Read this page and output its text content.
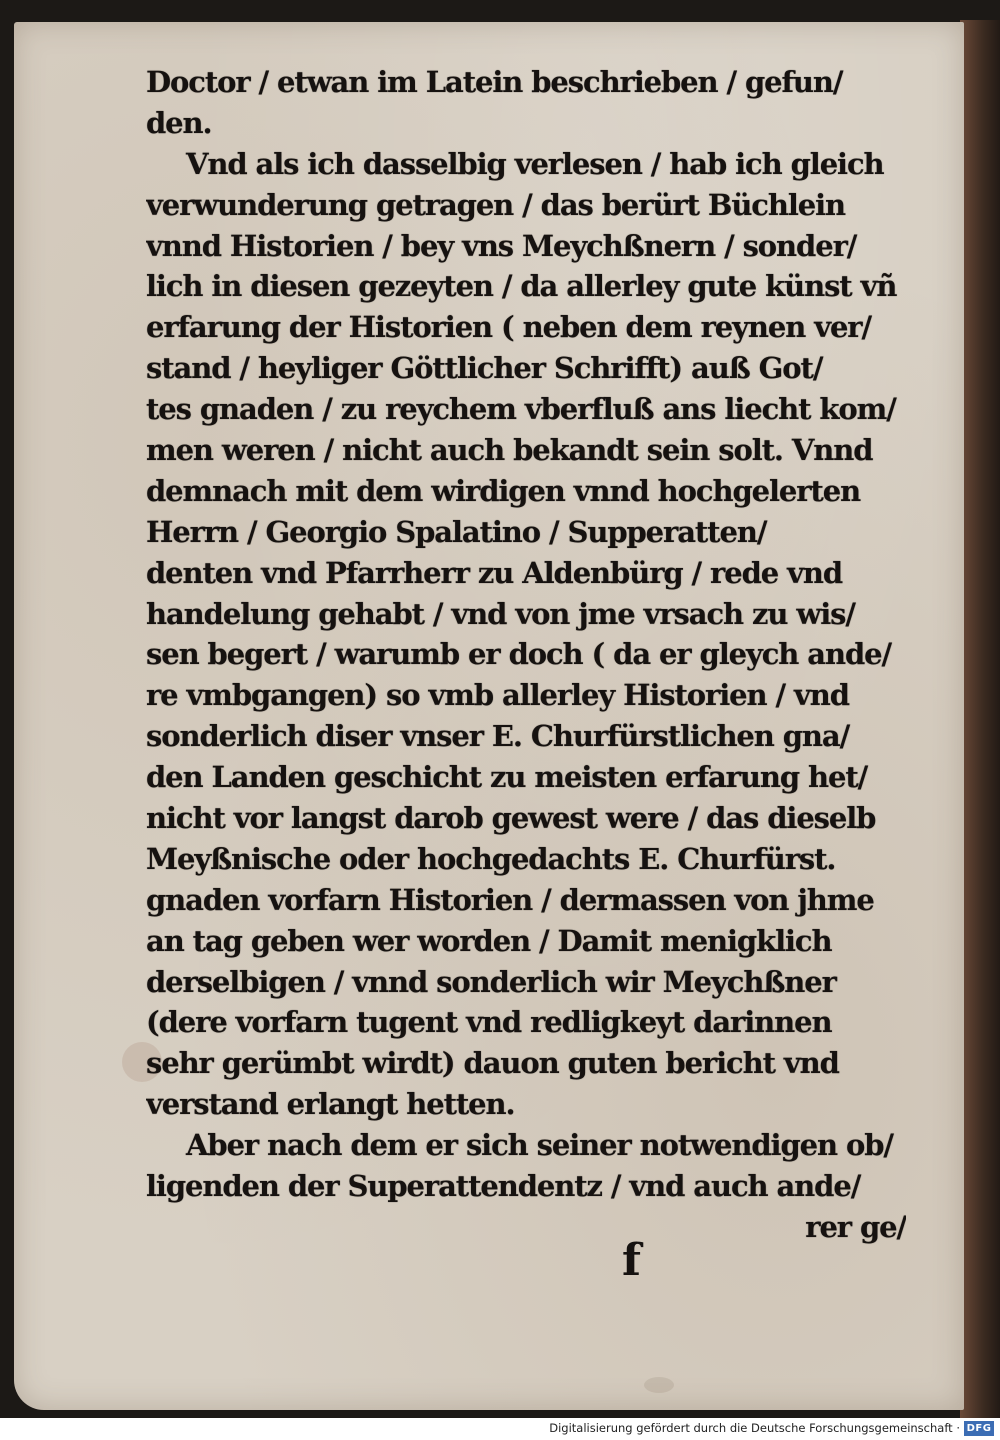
Doctor / etwan im Latein beschrieben / gefun/
den.
Vnd als ich dasselbig verlesen / hab ich gleich
verwunderung getragen / das berürt Büchlein
vnnd Historien / bey vns Meychßnern / sonder/
lich in diesen gezeyten / da allerley gute künst vñ
erfarung der Historien ( neben dem reynen ver/
stand / heyliger Göttlicher Schrifft) auß Got/
tes gnaden / zu reychem vberfluß ans liecht kom/
men weren / nicht auch bekandt sein solt. Vnnd
demnach mit dem wirdigen vnnd hochgelerten
Herrn / Georgio Spalatino / Supperatten/
denten vnd Pfarrherr zu Aldenbürg / rede vnd
handelung gehabt / vnd von jme vrsach zu wis/
sen begert / warumb er doch ( da er gleych ande/
re vmbgangen) so vmb allerley Historien / vnd
sonderlich diser vnser E. Churfürstlichen gna/
den Landen geschicht zu meisten erfarung het/
nicht vor langst darob gewest were / das dieselb
Meyßnische oder hochgedachts E. Churfürst.
gnaden vorfarn Historien / dermassen von jhme
an tag geben wer worden / Damit menigklich
derselbigen / vnnd sonderlich wir Meychßner
(dere vorfarn tugent vnd redligkeyt darinnen
sehr gerümbt wirdt) dauon guten bericht vnd
verstand erlangt hetten.
Aber nach dem er sich seiner notwendigen ob/
ligenden der Superattendentz / vnd auch ande/
rer ge/
f
Digitalisierung gefördert durch die Deutsche Forschungsgemeinschaft · DFG
